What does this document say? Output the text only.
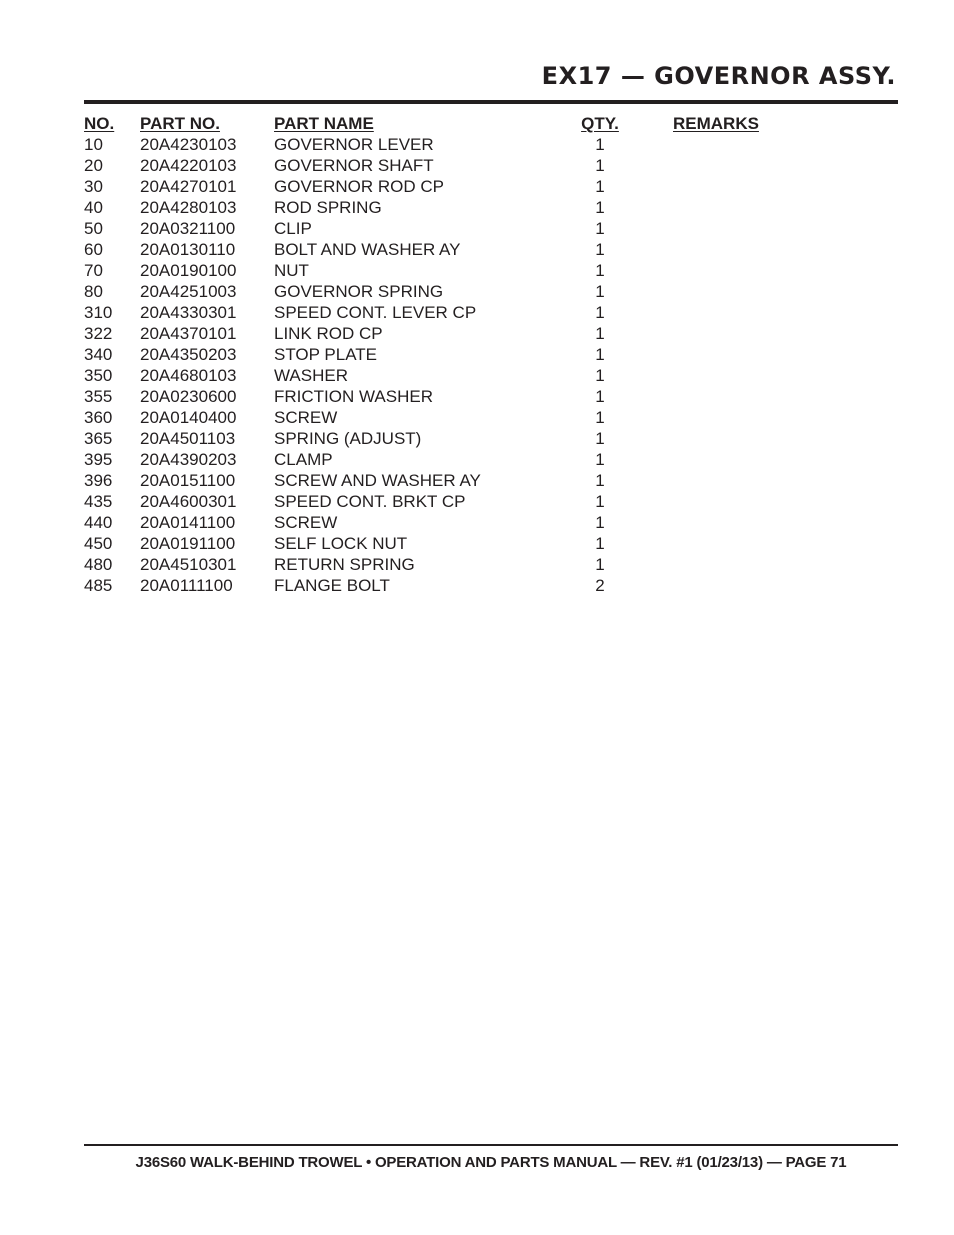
EX17 — GOVERNOR ASSY.
NO. PART NO.	PART NAME	QTY.	REMARKS
10 20A4230103 GOVERNOR LEVER	1
20 20A4220103 GOVERNOR SHAFT	1
30 20A4270101 GOVERNOR ROD CP	1
40 20A4280103 ROD SPRING	1
50 20A0321100 CLIP	1
60 20A0130110 BOLT AND WASHER AY	1
70 20A0190100 NUT	1
80 20A4251003 GOVERNOR SPRING	1
310 20A4330301 SPEED CONT. LEVER CP	1
322 20A4370101 LINK ROD CP	1
340 20A4350203 STOP PLATE	1
350 20A4680103 WASHER	1
355 20A0230600 FRICTION WASHER	1
360 20A0140400 SCREW	1
365 20A4501103 SPRING (ADJUST)	1
395 20A4390203 CLAMP	1
396 20A0151100 SCREW AND WASHER AY	1
435 20A4600301 SPEED CONT. BRKT CP	1
440 20A0141100 SCREW	1
450 20A0191100 SELF LOCK NUT	1
480 20A4510301 RETURN SPRING	1
485 20A0111100 FLANGE BOLT	2
J36S60 WALK-BEHIND TROWEL • OPERATION AND PARTS MANUAL — REV. #1 (01/23/13) — PAGE 71
